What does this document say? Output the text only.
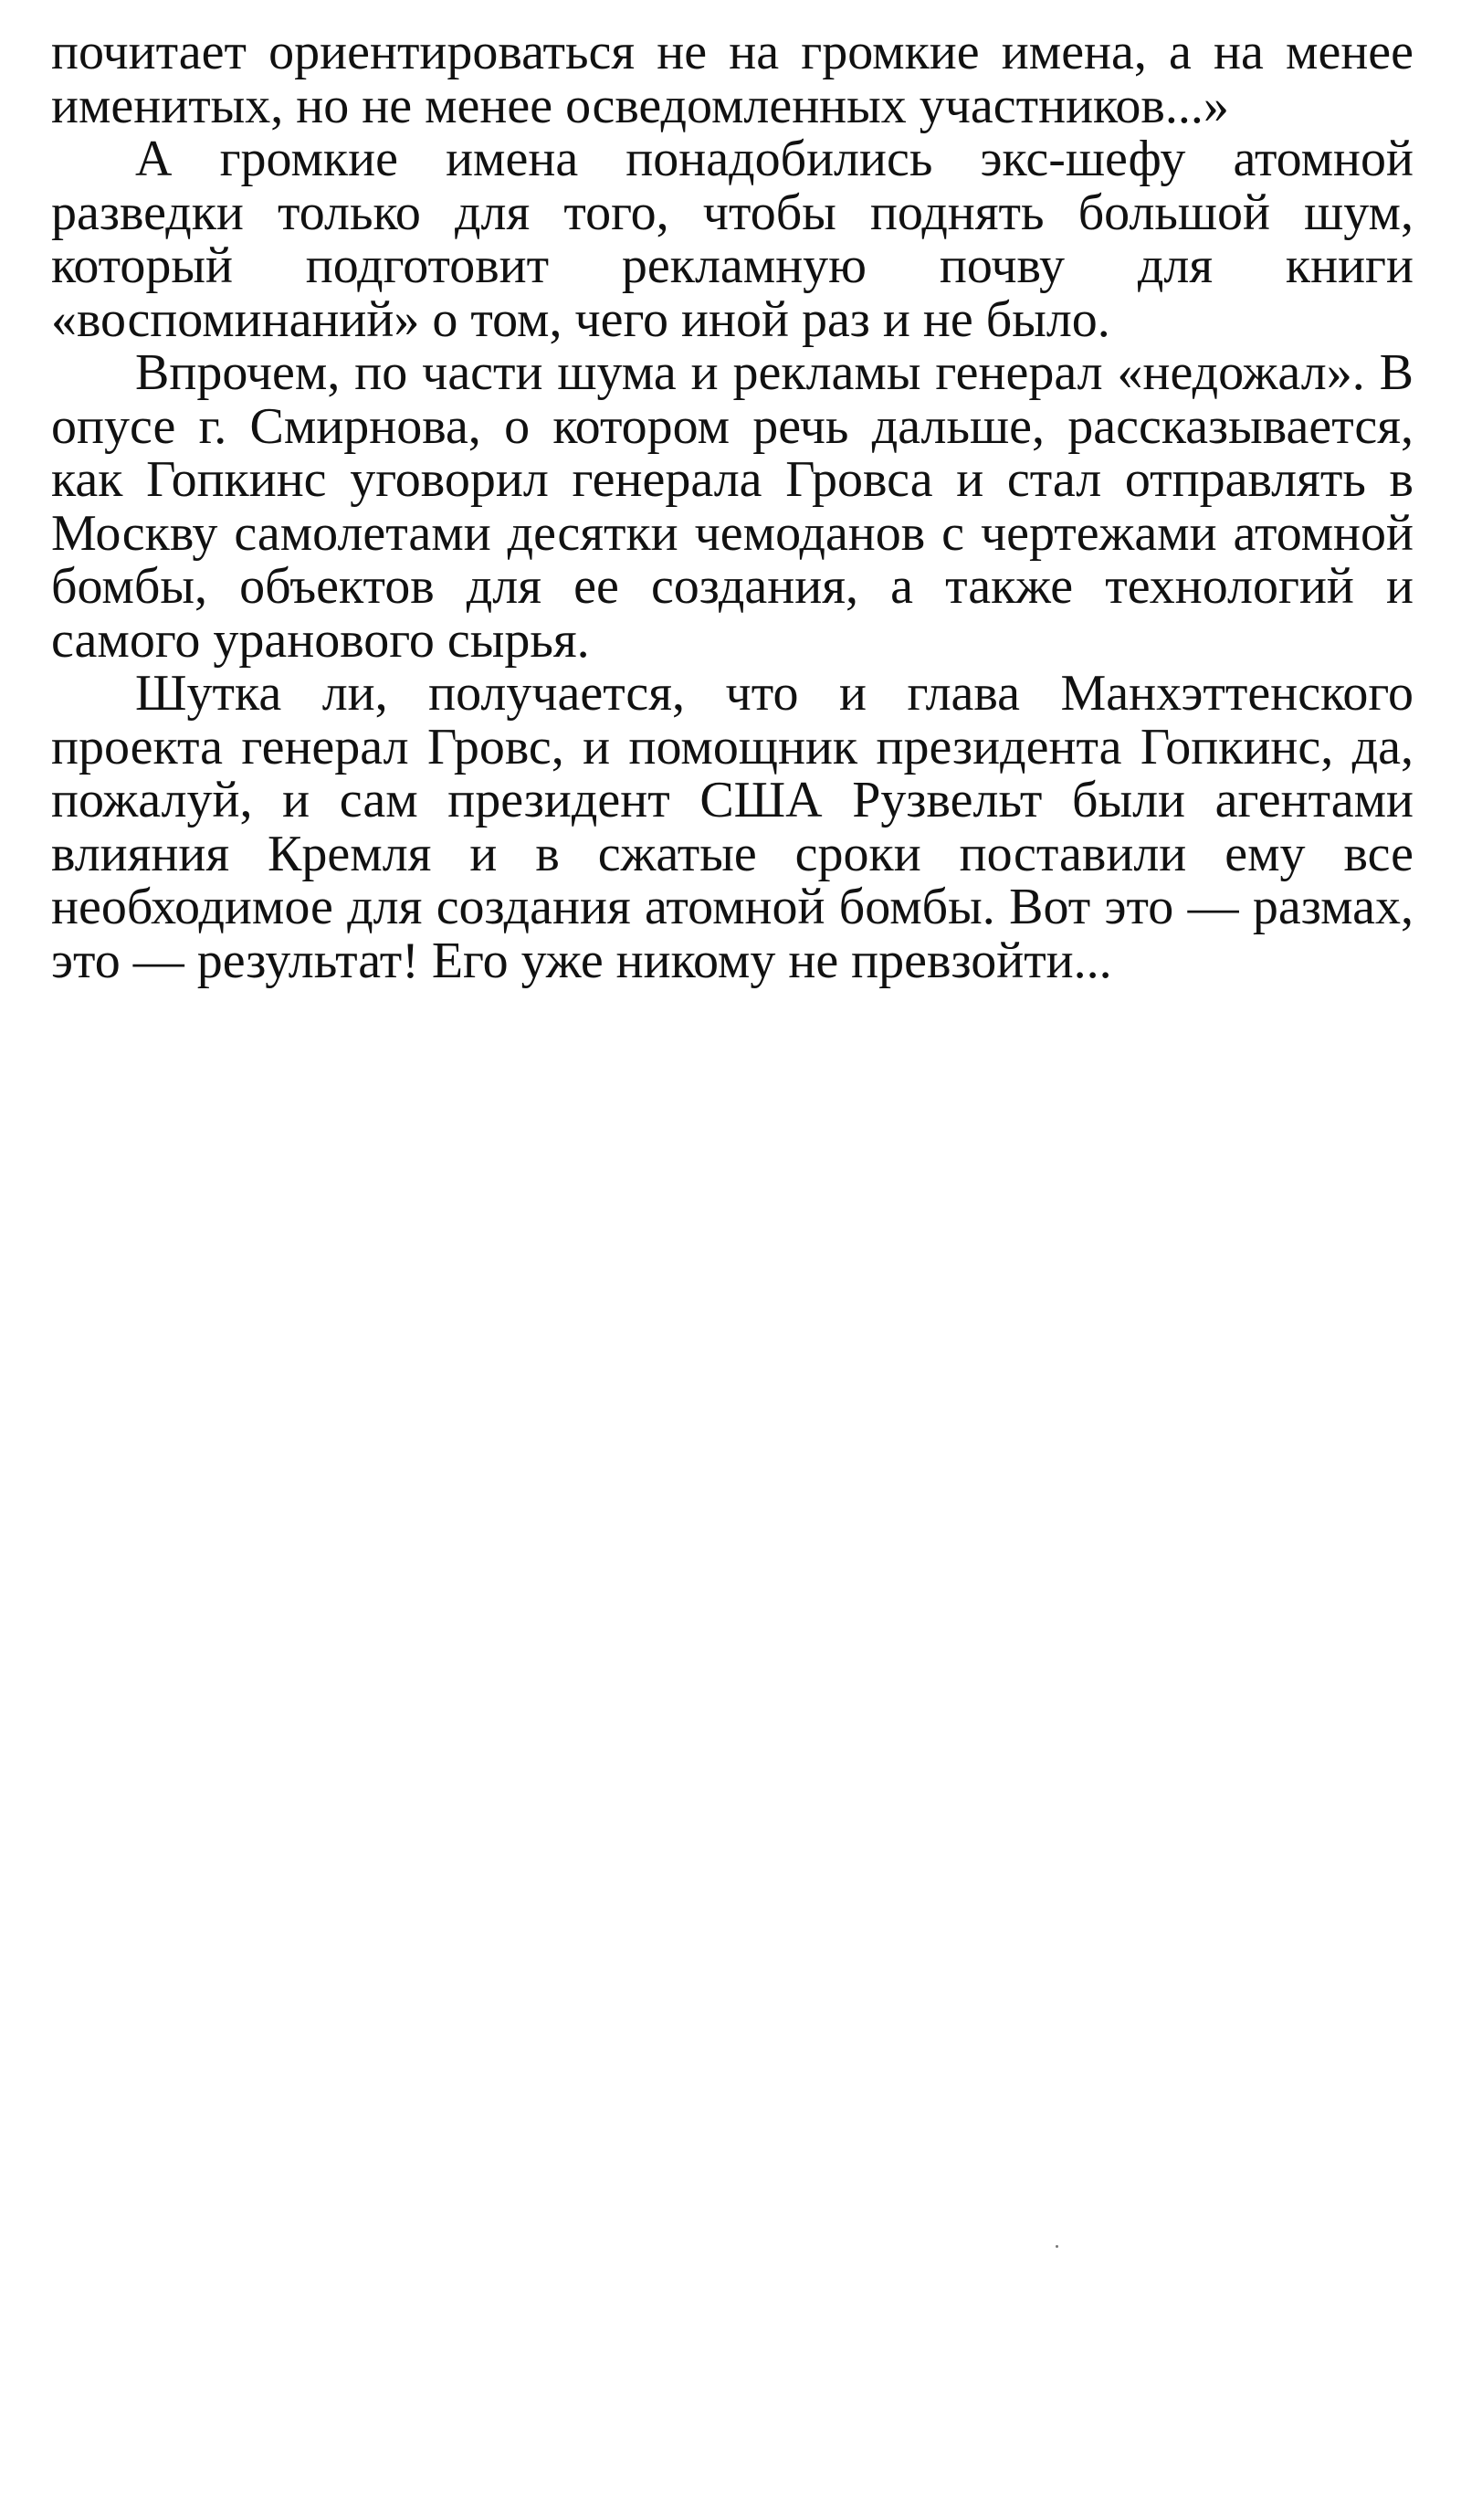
почитает ориентироваться не на громкие имена, а на менее именитых, но не менее осведомленных участников...»

А громкие имена понадобились экс-шефу атомной разведки только для того, чтобы поднять большой шум, который подготовит рекламную почву для книги «воспоминаний» о том, чего иной раз и не было.

Впрочем, по части шума и рекламы генерал «недожал». В опусе г. Смирнова, о котором речь дальше, рассказывается, как Гопкинс уговорил генерала Гровса и стал отправлять в Москву самолетами десятки чемоданов с чертежами атомной бомбы, объектов для ее создания, а также технологий и самого уранового сырья.

Шутка ли, получается, что и глава Манхэттенского проекта генерал Гровс, и помощник президента Гопкинс, да, пожалуй, и сам президент США Рузвельт были агентами влияния Кремля и в сжатые сроки поставили ему все необходимое для создания атомной бомбы. Вот это — размах, это — результат! Его уже никому не превзойти...
